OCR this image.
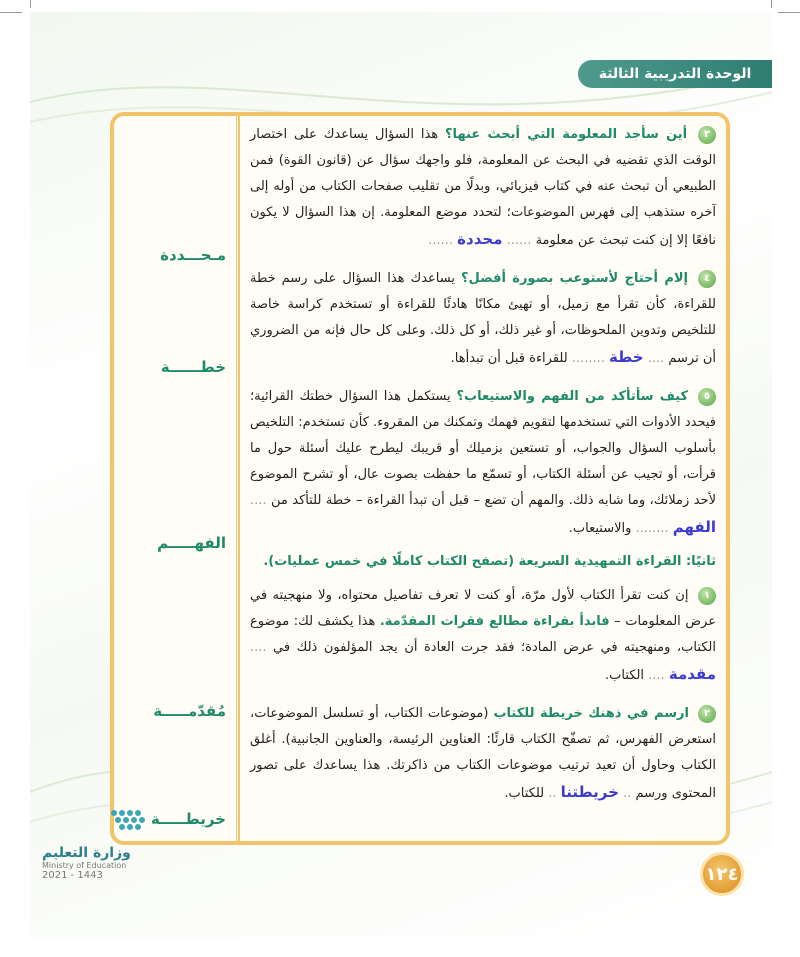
الوحدة التدريبية الثالثة
مـحـــددة
خطــــــة
الفهـــــم
مُقدّمـــــة
خريطـــــة
٣ أين سأجد المعلومة التي أبحث عنها؟ هذا السؤال يساعدك على اختصار الوقت الذي تقضيه في البحث عن المعلومة، فلو واجهك سؤال عن (قانون القوة) فمن الطبيعي أن تبحث عنه في كتاب فيزيائي، وبدلًا من تقليب صفحات الكتاب من أوله إلى آخره ستذهب إلى فهرس الموضوعات؛ لتحدد موضع المعلومة. إن هذا السؤال لا يكون نافعًا إلا إن كنت تبحث عن معلومة ...... محددة ......
٤ إلام أحتاج لأستوعب بصورة أفضل؟ يساعدك هذا السؤال على رسم خطة للقراءة، كأن تقرأ مع زميل، أو تهيئ مكانًا هادئًا للقراءة أو تستخدم كراسة خاصة للتلخيص وتدوين الملحوظات، أو غير ذلك، أو كل ذلك. وعلى كل حال فإنه من الضروري أن ترسم .... خطة ........ للقراءة قبل أن تبدأها.
٥ كيف سأتأكد من الفهم والاستيعاب؟ يستكمل هذا السؤال خطتك القرائية؛ فيحدد الأدوات التي تستخدمها لتقويم فهمك وتمكنك من المقروء. كأن تستخدم: التلخيص بأسلوب السؤال والجواب، أو تستعين بزميلك أو قريبك ليطرح عليك أسئلة حول ما قرأت، أو تجيب عن أسئلة الكتاب، أو تسمّع ما حفظت بصوت عال، أو تشرح الموضوع لأحد زملائك، وما شابه ذلك. والمهم أن تضع – قبل أن تبدأ القراءة – خطة للتأكد من .... الفهم ........ والاستيعاب.
ثانيًا: القراءة التمهيدية السريعة (تصفح الكتاب كاملًا في خمس عمليات).
١ إن كنت تقرأ الكتاب لأول مرّة، أو كنت لا تعرف تفاصيل محتواه، ولا منهجيته في عرض المعلومات – فابدأ بقراءة مطالع فقرات المقدّمة. هذا يكشف لك: موضوع الكتاب، ومنهجيته في عرض المادة؛ فقد جرت العادة أن يجد المؤلفون ذلك في .... مقدمة .... الكتاب.
٢ ارسم في ذهنك خريطة للكتاب (موضوعات الكتاب، أو تسلسل الموضوعات، استعرض الفهرس، ثم تصفّح الكتاب قارئًا: العناوين الرئيسة، والعناوين الجانبية). أغلق الكتاب وحاول أن تعيد ترتيب موضوعات الكتاب من ذاكرتك. هذا يساعدك على تصور المحتوى ورسم .. خريطتنا .. للكتاب.
١٢٤
وزارة التعليم
Ministry of Education
2021 - 1443
